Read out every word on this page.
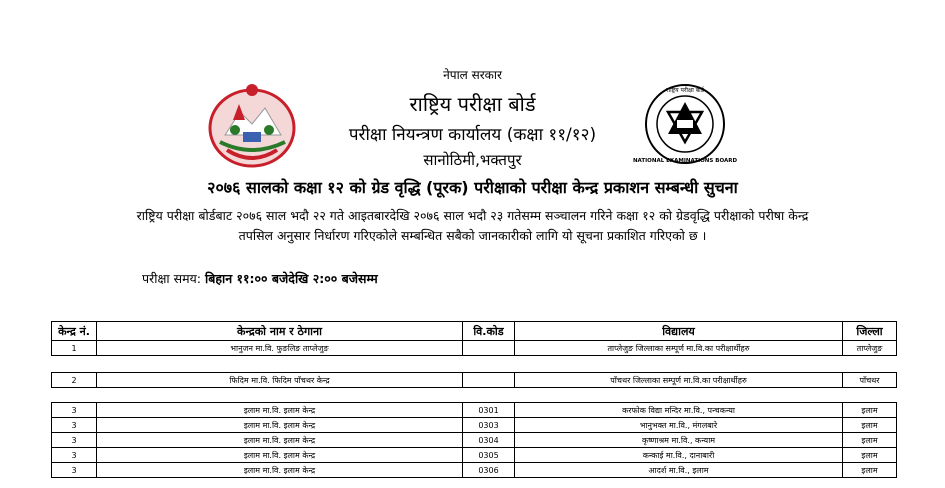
राष्ट्रिय परीक्षा बोर्ड
NATIONAL EXAMINATIONS BOARD
नेपाल सरकार
राष्ट्रिय परीक्षा बोर्ड
परीक्षा नियन्त्रण कार्यालय (कक्षा ११/१२)
सानोठिमी,भक्तपुर
२०७६ सालको कक्षा १२ को ग्रेड वृद्धि (पूरक) परीक्षाको परीक्षा केन्द्र प्रकाशन सम्बन्धी सुचना
राष्ट्रिय परीक्षा बोर्डबाट २०७६ साल भदौ २२ गते आइतबारदेखि २०७६ साल भदौ २३ गतेसम्म सञ्चालन गरिने कक्षा १२ को ग्रेडवृद्धि परीक्षाको परीषा केन्द्र
तपसिल अनुसार निर्धारण गरिएकोले सम्बन्धित सबैको जानकारीको लागि यो सूचना प्रकाशित गरिएको छ ।
परीक्षा समय: बिहान ११:०० बजेदेखि २:०० बजेसम्म
केन्द्र नं.	केन्द्रको नाम र ठेगाना	वि.कोड	विद्यालय	जिल्ला
1	भानुजन मा.वि. फुङलिङ ताप्लेजुङ		ताप्लेजुङ जिल्लाका सम्पूर्ण मा.वि.का परीक्षार्थीहरु	ताप्लेजुङ
2	फिदिम मा.वि. फिदिम पाँचथर केन्द्र		पाँचथर जिल्लाका सम्पूर्ण मा.वि.का परीक्षार्थीहरु	पाँचथर
3	इलाम मा.वि. इलाम केन्द्र	0301	करफोक विद्या मन्दिर मा.वि., पन्चकन्या	इलाम
3	इलाम मा.वि. इलाम केन्द्र	0303	भानुभक्त मा.वि., मंगलबारे	इलाम
3	इलाम मा.वि. इलाम केन्द्र	0304	कृष्णाश्रम मा.वि., कन्याम	इलाम
3	इलाम मा.वि. इलाम केन्द्र	0305	कन्काई मा.वि., दानाबारी	इलाम
3	इलाम मा.वि. इलाम केन्द्र	0306	आदर्श मा.वि., इलाम	इलाम
